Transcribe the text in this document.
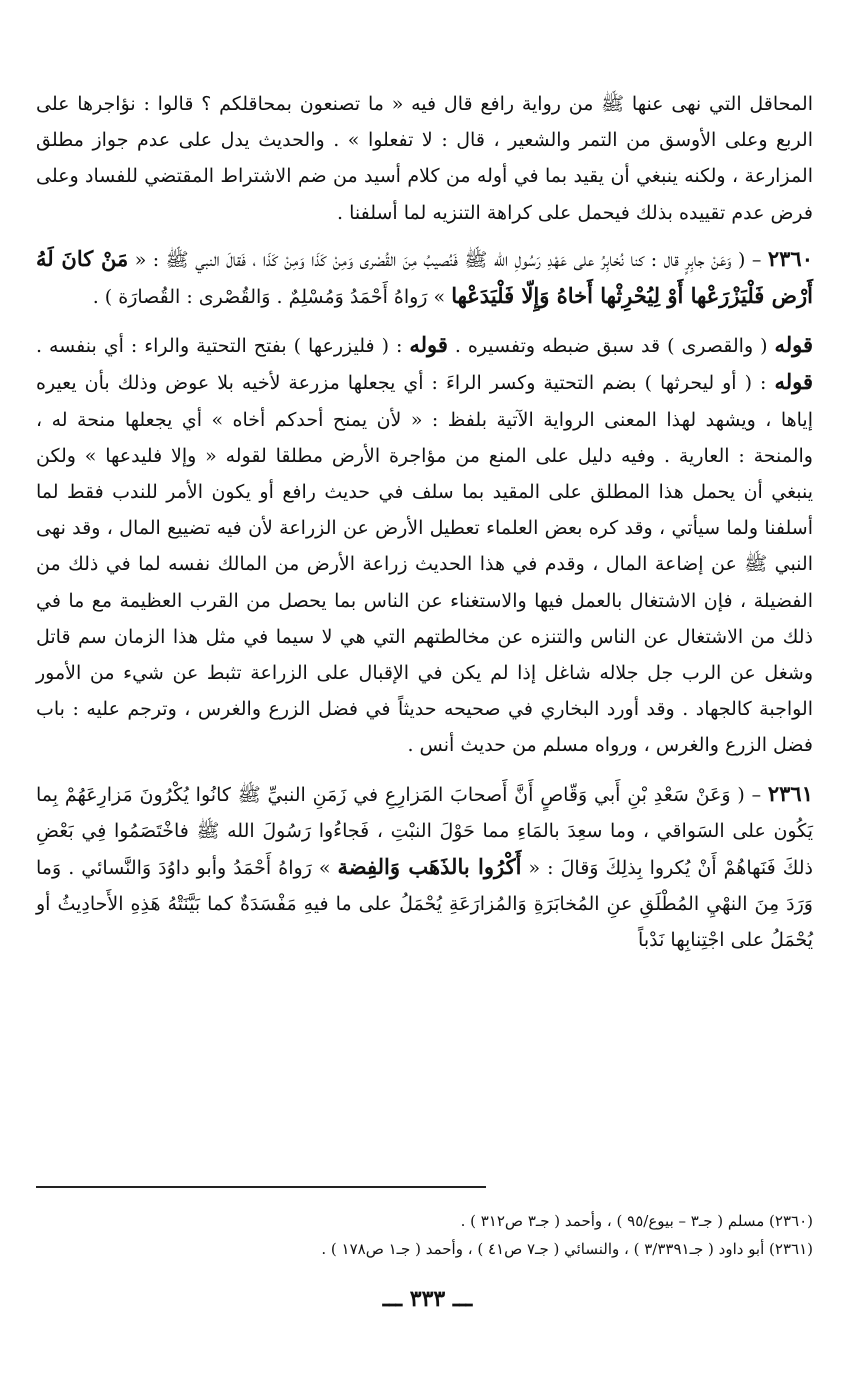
المحاقل التي نهى عنها ﷺ من رواية رافع قال فيه « ما تصنعون بمحاقلكم ؟ قالوا : نؤاجرها على الربع وعلى الأوسق من التمر والشعير ، قال : لا تفعلوا » . والحديث يدل على عدم جواز مطلق المزارعة ، ولكنه ينبغي أن يقيد بما في أوله من كلام أسيد من ضم الاشتراط المقتضي للفساد وعلى فرض عدم تقييده بذلك فيحمل على كراهة التنزيه لما أسلفنا .

٢٣٦٠ – ( وَعَنْ جابِرٍ قال : كنا نُخابِرُ على عَهْدِ رَسُولِ الله ﷺ فَنُصيبُ مِنَ القُصْرى وَمِنْ كَذَا وَمِنْ كَذَا ، فَقالَ النبي ﷺ : « مَنْ كانَ لَهُ أَرْض فَلْيَزْرَعْها أَوْ لِيُحْرِثْها أَخاهُ وَإِلّا فَلْيَدَعْها » رَواهُ أَحْمَدُ وَمُسْلِمٌ . وَالقُصْرى : القُصارَة ) .

قوله ( والقصرى ) قد سبق ضبطه وتفسيره . قوله : ( فليزرعها ) بفتح التحتية والراء : أي بنفسه . قوله : ( أو ليحرثها ) بضم التحتية وكسر الراءَ : أي يجعلها مزرعة لأخيه بلا عوض وذلك بأن يعيره إياها ، ويشهد لهذا المعنى الرواية الآتية بلفظ : « لأن يمنح أحدكم أخاه » أي يجعلها منحة له ، والمنحة : العارية . وفيه دليل على المنع من مؤاجرة الأرض مطلقا لقوله « وإلا فليدعها » ولكن ينبغي أن يحمل هذا المطلق على المقيد بما سلف في حديث رافع أو يكون الأمر للندب فقط لما أسلفنا ولما سيأتي ، وقد كره بعض العلماء تعطيل الأرض عن الزراعة لأن فيه تضييع المال ، وقد نهى النبي ﷺ عن إضاعة المال ، وقدم في هذا الحديث زراعة الأرض من المالك نفسه لما في ذلك من الفضيلة ، فإن الاشتغال بالعمل فيها والاستغناء عن الناس بما يحصل من القرب العظيمة مع ما في ذلك من الاشتغال عن الناس والتنزه عن مخالطتهم التي هي لا سيما في مثل هذا الزمان سم قاتل وشغل عن الرب جل جلاله شاغل إذا لم يكن في الإقبال على الزراعة تثبط عن شيء من الأمور الواجبة كالجهاد . وقد أورد البخاري في صحيحه حديثاً في فضل الزرع والغرس ، وترجم عليه : باب فضل الزرع والغرس ، ورواه مسلم من حديث أنس .

٢٣٦١ – ( وَعَنْ سَعْدِ بْنِ أَبي وَقّاصٍ أَنَّ أَصحابَ المَزارِعِ في زَمَنِ النبيِّ ﷺ كانُوا يُكْرُونَ مَزارِعَهُمْ بِما يَكُون على السَواقي ، وما سعِدَ بالمَاءِ مما حَوْلَ النبْتِ ، فَجاءُوا رَسُولَ الله ﷺ فاخْتَصَمُوا فِي بَعْضِ ذلكَ فَنَهاهُمْ أَنْ يُكروا بِذلِكَ وَقالَ : « أَكْرُوا بالذَهَب وَالفِضة » رَواهُ أَحْمَدُ وأبو داوُدَ وَالنَّسائي . وَما وَرَدَ مِنَ النهْيِ المُطْلَقِ عنِ المُخابَرَةِ وَالمُزارَعَةِ يُحْمَلُ على ما فيهِ مَفْسَدَةٌ كما بَيَّنَتْهُ هَذِهِ الأَحادِيثُ أو يُحْمَلُ على اجْتِنابِها نَدْباً

(٢٣٦٠) مسلم ( جـ٣ – بيوع/٩٥ ) ، وأحمد ( جـ٣ ص٣١٢ ) .
(٢٣٦١) أبو داود ( جـ٣/٣٣٩١ ) ، والنسائي ( جـ٧ ص٤١ ) ، وأحمد ( جـ١ ص١٧٨ ) .
ـــ ٣٣٣ ـــ
